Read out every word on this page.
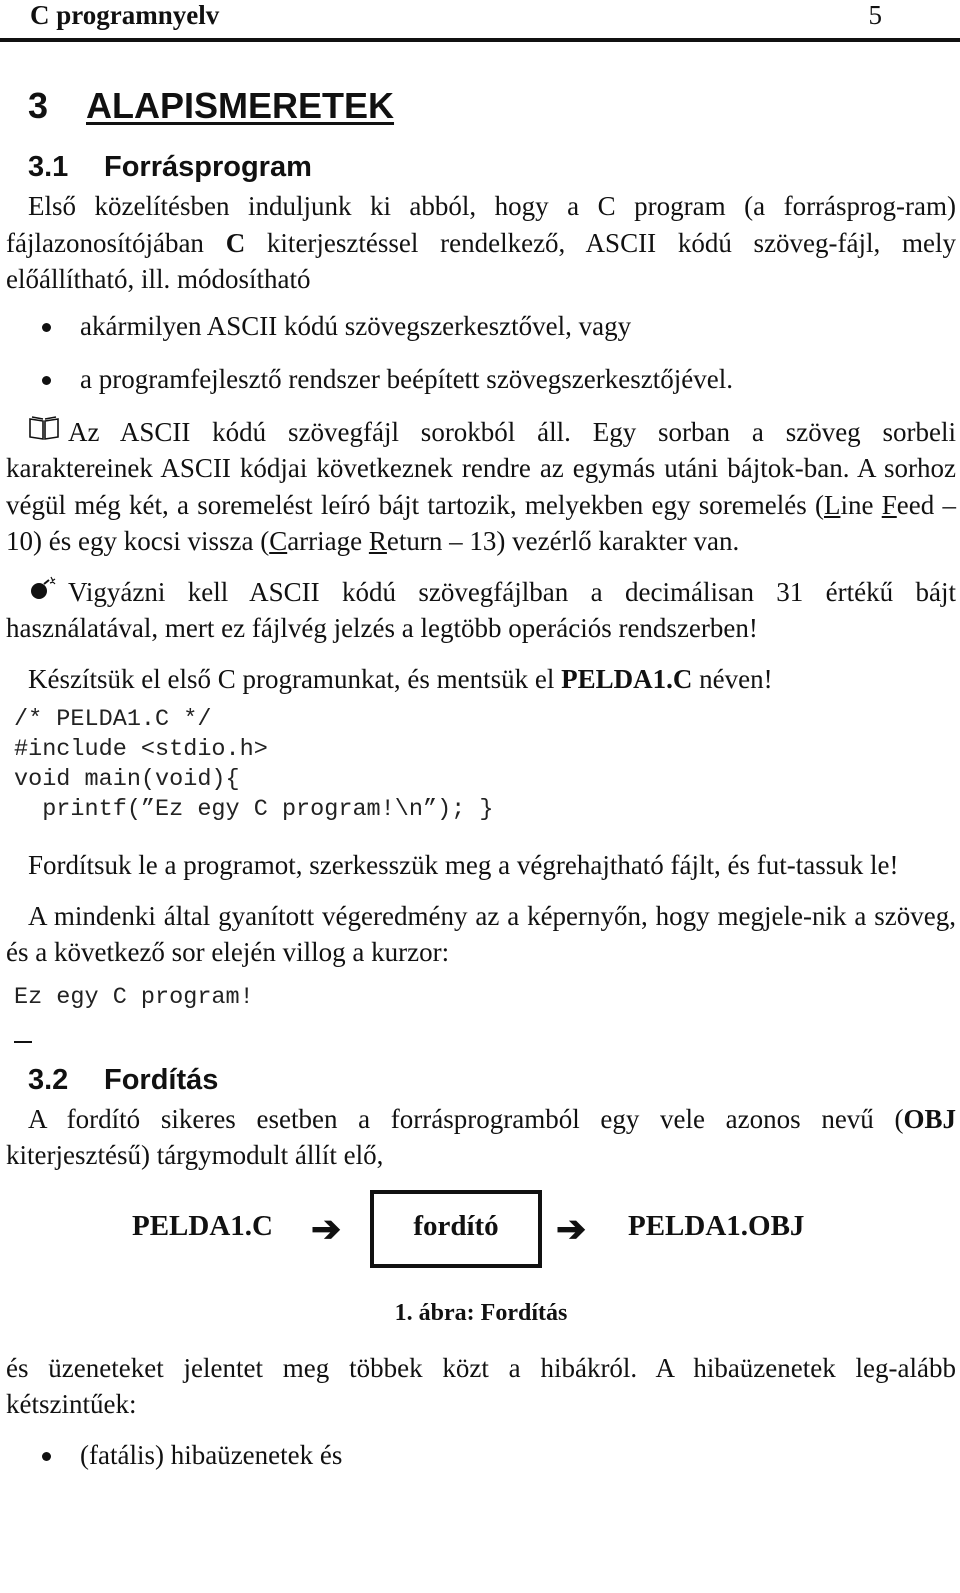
C programnyelv	5
3 ALAPISMERETEK
3.1 Forrásprogram

Első közelítésben induljunk ki abból, hogy a C program (a forrásprog-ram) fájlazonosítójában C kiterjesztéssel rendelkező, ASCII kódú szöveg-fájl, mely előállítható, ill. módosítható

akármilyen ASCII kódú szövegszerkesztővel, vagy
a programfejlesztő rendszer beépített szövegszerkesztőjével.

Az ASCII kódú szövegfájl sorokból áll. Egy sorban a szöveg sorbeli karaktereinek ASCII kódjai következnek rendre az egymás utáni bájtok-ban. A sorhoz végül még két, a soremelést leíró bájt tartozik, melyekben egy soremelés (Line Feed – 10) és egy kocsi vissza (Carriage Return – 13) vezérlő karakter van.

Vigyázni kell ASCII kódú szövegfájlban a decimálisan 31 értékű bájt használatával, mert ez fájlvég jelzés a legtöbb operációs rendszerben!

Készítsük el első C programunkat, és mentsük el PELDA1.C néven!

/* PELDA1.C */
#include <stdio.h>
void main(void){
printf(”Ez egy C program!\n”); }

Fordítsuk le a programot, szerkesszük meg a végrehajtható fájlt, és fut-tassuk le!

A mindenki által gyanított végeredmény az a képernyőn, hogy megjele-nik a szöveg, és a következő sor elején villog a kurzor:

Ez egy C program!
3.2 Fordítás

A fordító sikeres esetben a forrásprogramból egy vele azonos nevű (OBJ kiterjesztésű) tárgymodult állít elő,

PELDA1.C ➔	fordító	➔ PELDA1.OBJ
1. ábra: Fordítás

és üzeneteket jelentet meg többek közt a hibákról. A hibaüzenetek leg-alább kétszintűek:

(fatális) hibaüzenetek és
